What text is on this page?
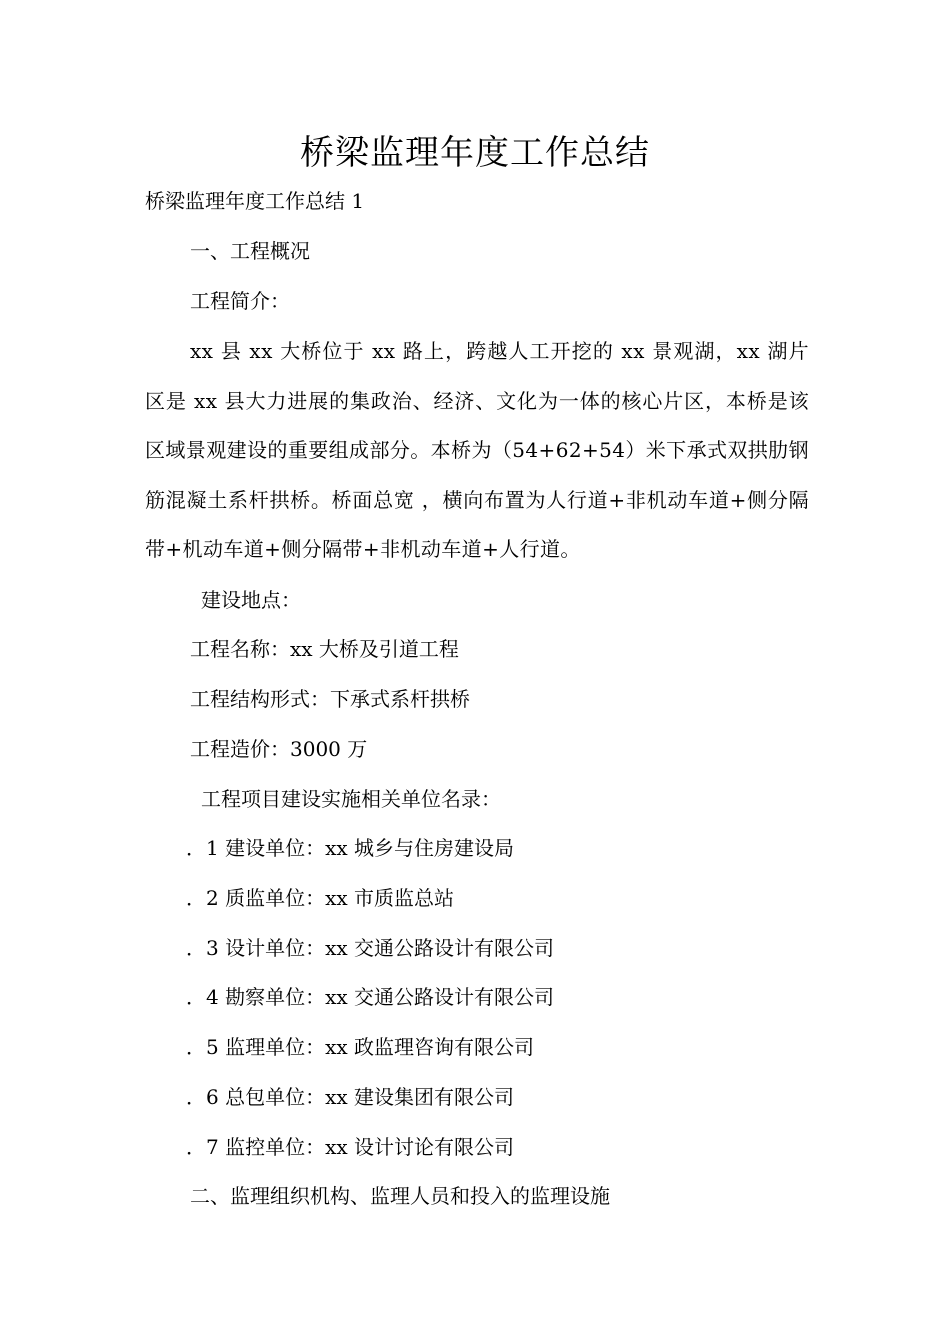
桥梁监理年度工作总结

桥梁监理年度工作总结 1

一、工程概况

工程简介：

xx 县 xx 大桥位于 xx 路上，跨越人工开挖的 xx 景观湖，xx 湖片区是 xx 县大力进展的集政治、经济、文化为一体的核心片区，本桥是该区域景观建设的重要组成部分。本桥为（54+62+54）米下承式双拱肋钢筋混凝土系杆拱桥。桥面总宽 ，横向布置为人行道+非机动车道+侧分隔带+机动车道+侧分隔带+非机动车道+人行道。

建设地点：

工程名称：xx 大桥及引道工程

工程结构形式：下承式系杆拱桥

工程造价：3000 万

工程项目建设实施相关单位名录：

．1 建设单位：xx 城乡与住房建设局

．2 质监单位：xx 市质监总站

．3 设计单位：xx 交通公路设计有限公司

．4 勘察单位：xx 交通公路设计有限公司

．5 监理单位：xx 政监理咨询有限公司

．6 总包单位：xx 建设集团有限公司

．7 监控单位：xx 设计讨论有限公司

二、监理组织机构、监理人员和投入的监理设施
